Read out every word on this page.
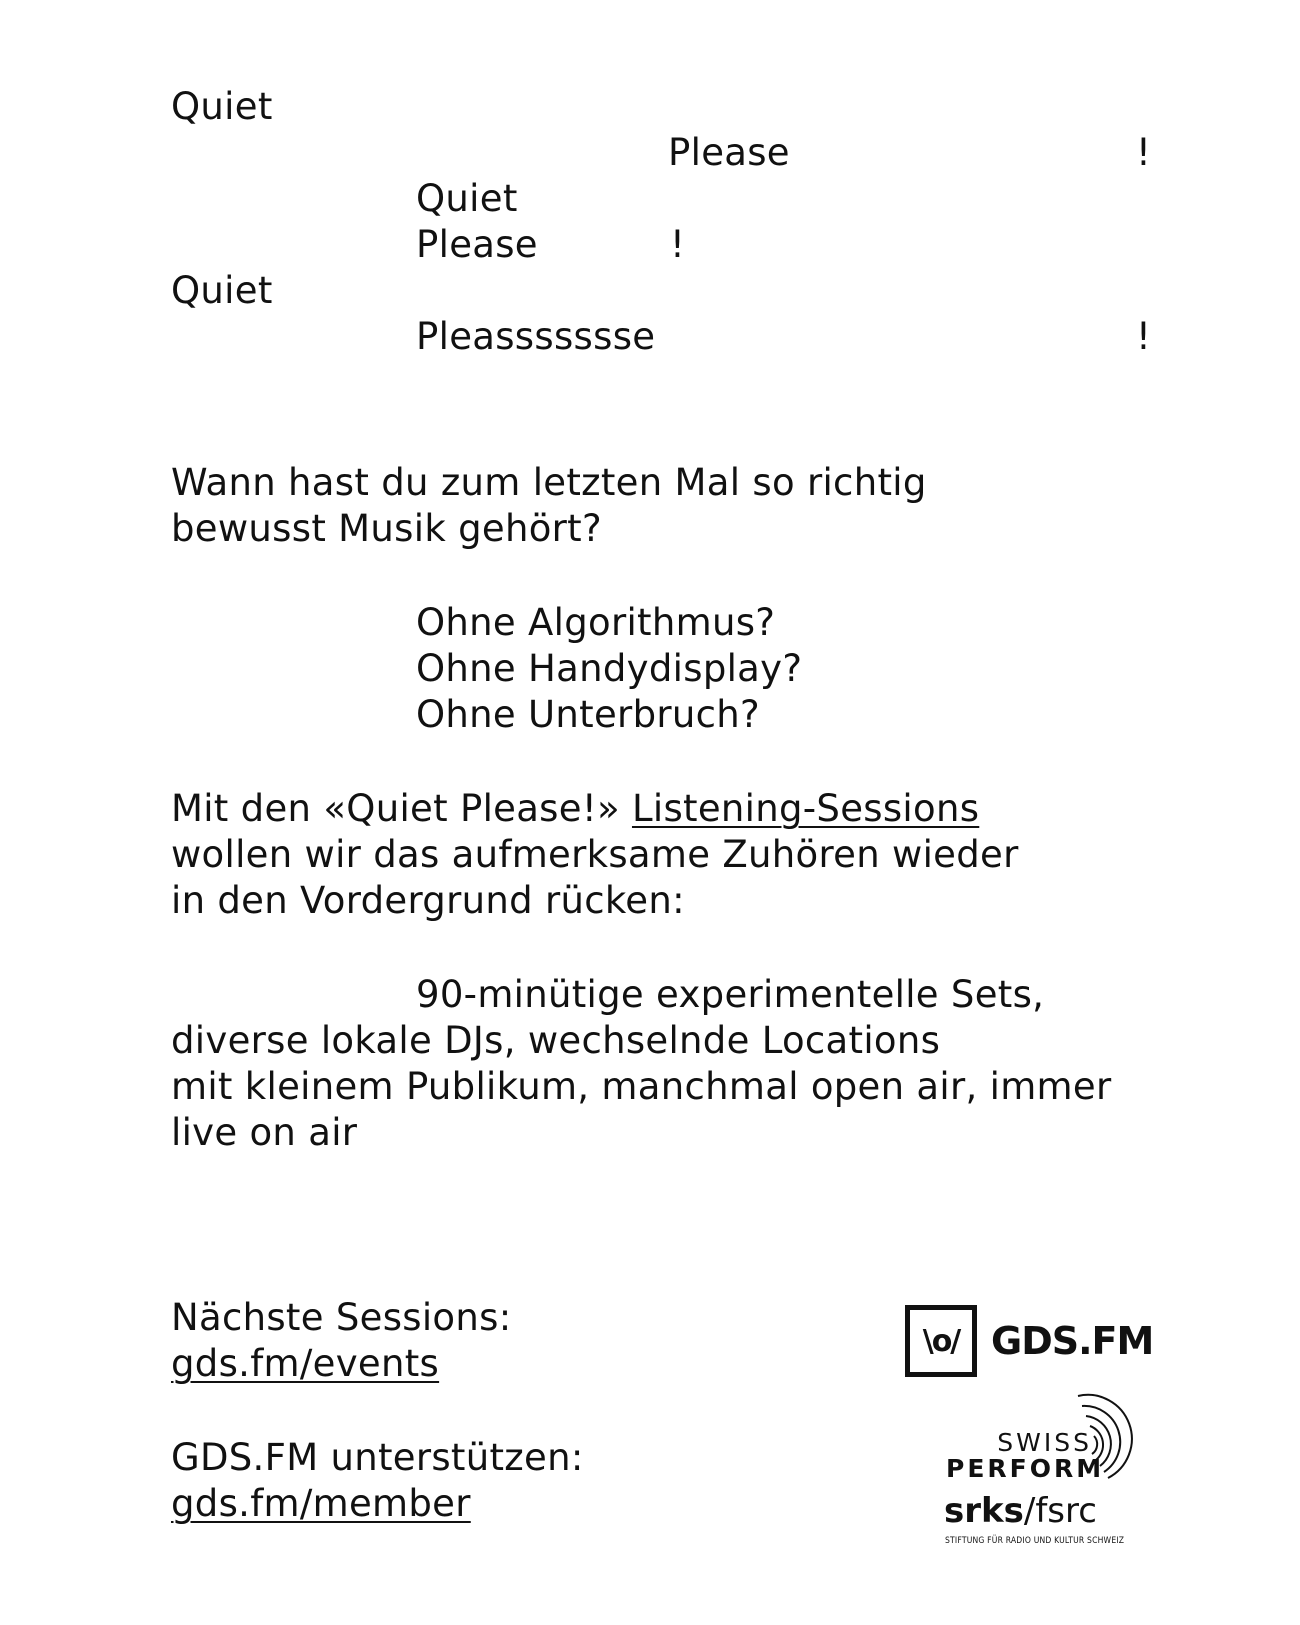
Quiet

Please	!

Quiet

Please	!

Quiet

Pleassssssse	!

Wann hast du zum letzten Mal so richtig

bewusst Musik gehört?

Ohne Algorithmus?

Ohne Handydisplay?

Ohne Unterbruch?

Mit den «Quiet Please!» Listening-Sessions

wollen wir das aufmerksame Zuhören wieder

in den Vordergrund rücken:

90-minütige experimentelle Sets,

diverse lokale DJs, wechselnde Locations

mit kleinem Publikum, manchmal open air, immer

live on air

Nächste Sessions:

gds.fm/events

GDS.FM unterstützen:

gds.fm/member

\o/ GDS.FM
SWISS
PERFORM
srks/fsrc
STIFTUNG FÜR RADIO UND KULTUR SCHWEIZ
